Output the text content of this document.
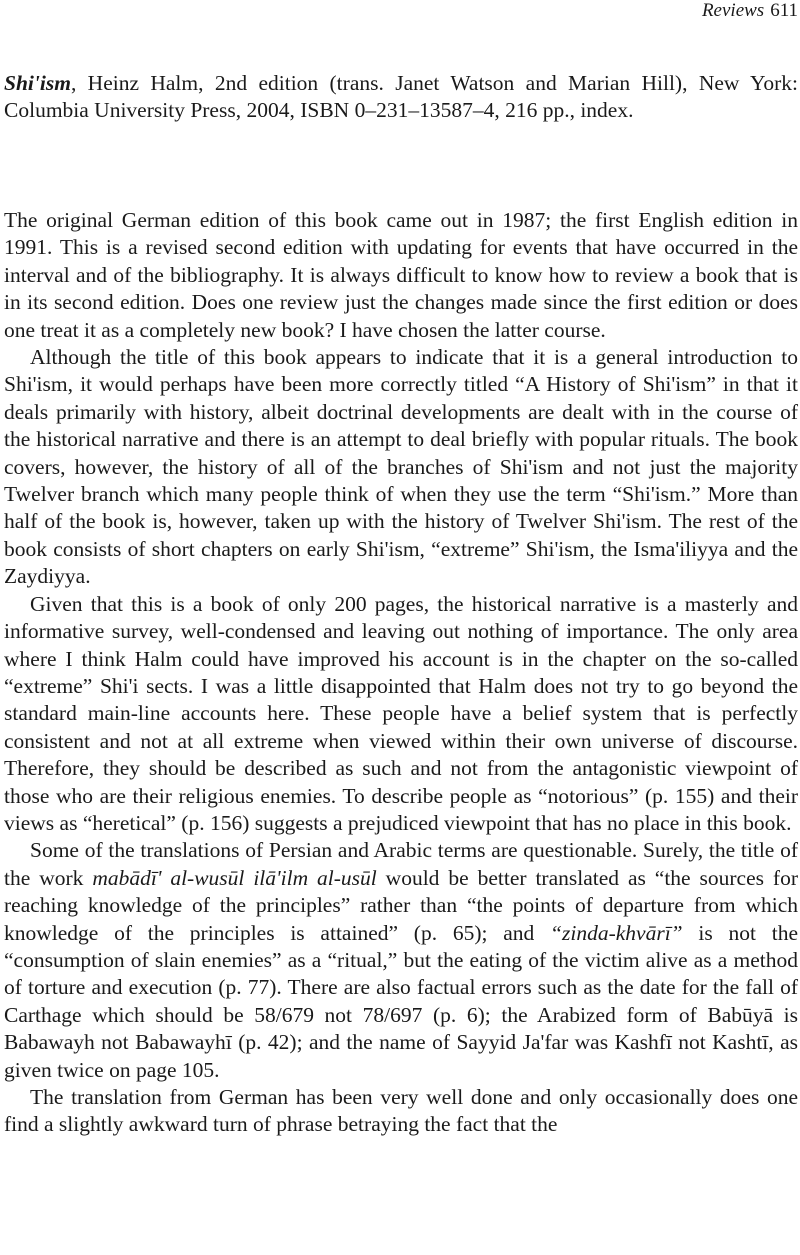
Reviews 611
Shi'ism, Heinz Halm, 2nd edition (trans. Janet Watson and Marian Hill), New York: Columbia University Press, 2004, ISBN 0–231–13587–4, 216 pp., index.

The original German edition of this book came out in 1987; the first English edition in 1991. This is a revised second edition with updating for events that have occurred in the interval and of the bibliography. It is always difficult to know how to review a book that is in its second edition. Does one review just the changes made since the first edition or does one treat it as a completely new book? I have chosen the latter course.

Although the title of this book appears to indicate that it is a general introduction to Shi'ism, it would perhaps have been more correctly titled “A History of Shi'ism” in that it deals primarily with history, albeit doctrinal developments are dealt with in the course of the historical narrative and there is an attempt to deal briefly with popular rituals. The book covers, however, the history of all of the branches of Shi'ism and not just the majority Twelver branch which many people think of when they use the term “Shi'ism.” More than half of the book is, however, taken up with the history of Twelver Shi'ism. The rest of the book consists of short chapters on early Shi'ism, “extreme” Shi'ism, the Isma'iliyya and the Zaydiyya.

Given that this is a book of only 200 pages, the historical narrative is a masterly and informative survey, well-condensed and leaving out nothing of importance. The only area where I think Halm could have improved his account is in the chapter on the so-called “extreme” Shi'i sects. I was a little disappointed that Halm does not try to go beyond the standard main-line accounts here. These people have a belief system that is perfectly consistent and not at all extreme when viewed within their own universe of discourse. Therefore, they should be described as such and not from the antagonistic viewpoint of those who are their religious enemies. To describe people as “notorious” (p. 155) and their views as “heretical” (p. 156) suggests a prejudiced viewpoint that has no place in this book.

Some of the translations of Persian and Arabic terms are questionable. Surely, the title of the work mabādī' al-wusūl ilā'ilm al-usūl would be better translated as “the sources for reaching knowledge of the principles” rather than “the points of departure from which knowledge of the principles is attained” (p. 65); and “zinda-khvārī” is not the “consumption of slain enemies” as a “ritual,” but the eating of the victim alive as a method of torture and execution (p. 77). There are also factual errors such as the date for the fall of Carthage which should be 58/679 not 78/697 (p. 6); the Arabized form of Babūyā is Babawayh not Babawayhī (p. 42); and the name of Sayyid Ja'far was Kashfī not Kashtī, as given twice on page 105.

The translation from German has been very well done and only occasionally does one find a slightly awkward turn of phrase betraying the fact that the
